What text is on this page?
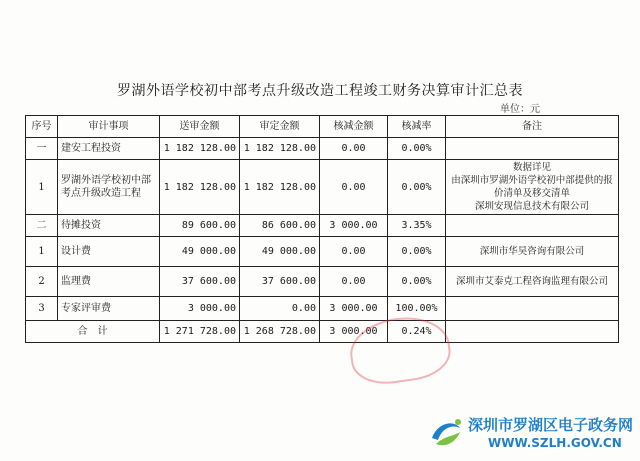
罗湖外语学校初中部考点升级改造工程竣工财务决算审计汇总表
单位：元
序号	审计事项	送审金额	审定金额	核减金额	核减率	备注
一	建安工程投资	1 182 128.00	1 182 128.00	0.00	0.00%	
1	罗湖外语学校初中部考点升级改造工程	1 182 128.00	1 182 128.00	0.00	0.00%	数据详见
由深圳市罗湖外语学校初中部提供的报价清单及移交清单
深圳安现信息技术有限公司
二	待摊投资	89 600.00	86 600.00	3 000.00	3.35%	
1	设计费	49 000.00	49 000.00	0.00	0.00%	深圳市华昊咨询有限公司
2	监理费	37 600.00	37 600.00	0.00	0.00%	深圳市艾泰克工程咨询监理有限公司
3	专家评审费	3 000.00	0.00	3 000.00	100.00%	
合　计		1 271 728.00	1 268 728.00	3 000.00	0.24%	
深圳市罗湖区电子政务网
WWW.SZLH.GOV.CN
